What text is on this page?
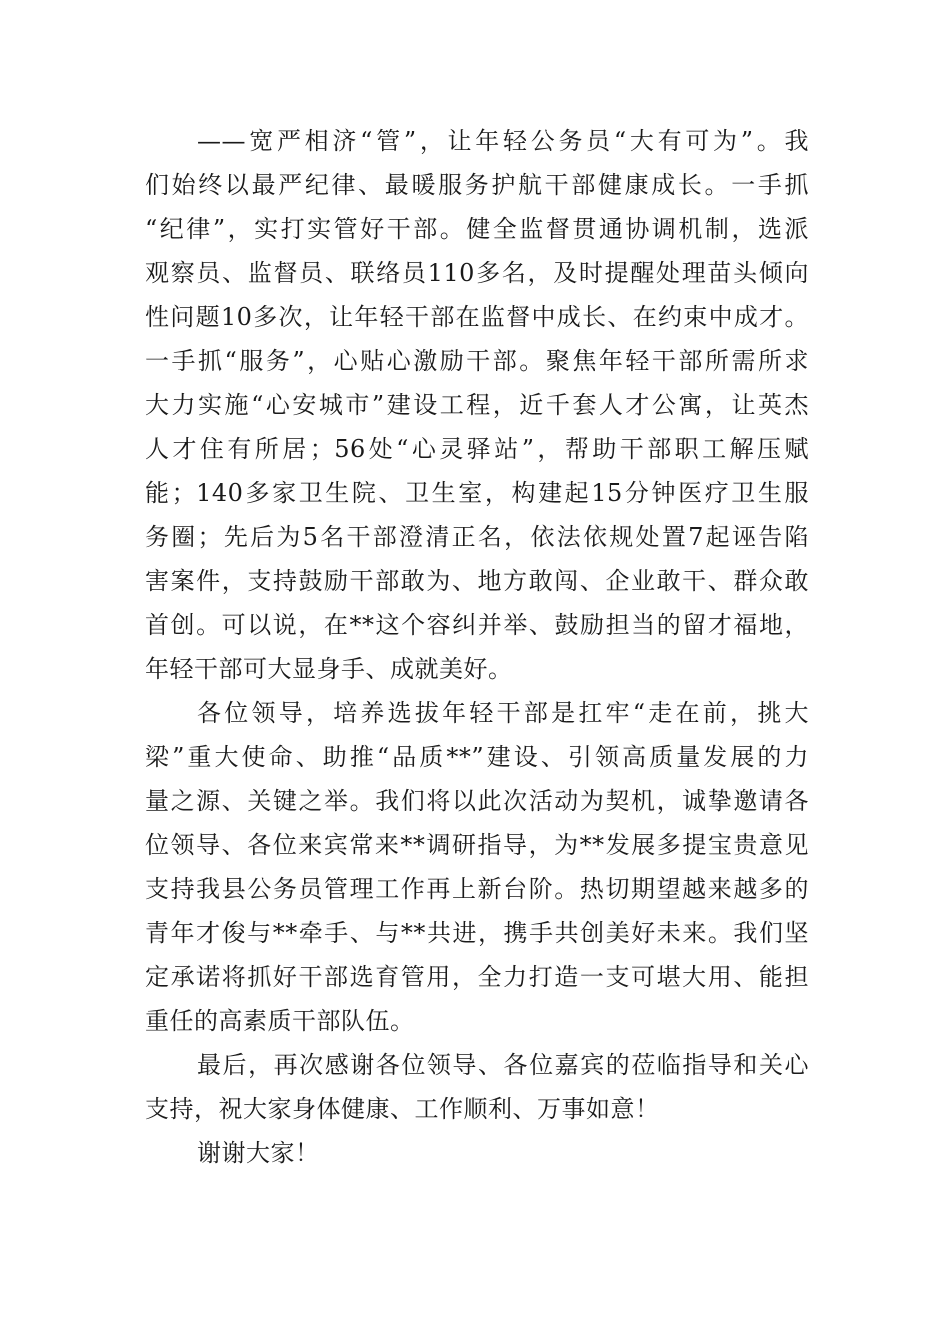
——宽严相济“管”，让年轻公务员“大有可为”。我
们始终以最严纪律、最暖服务护航干部健康成长。一手抓
“纪律”，实打实管好干部。健全监督贯通协调机制，选派
观察员、监督员、联络员110多名，及时提醒处理苗头倾向
性问题10多次，让年轻干部在监督中成长、在约束中成才。
一手抓“服务”，心贴心激励干部。聚焦年轻干部所需所求
大力实施“心安城市”建设工程，近千套人才公寓，让英杰
人才住有所居；56处“心灵驿站”，帮助干部职工解压赋
能；140多家卫生院、卫生室，构建起15分钟医疗卫生服
务圈；先后为5名干部澄清正名，依法依规处置7起诬告陷
害案件，支持鼓励干部敢为、地方敢闯、企业敢干、群众敢
首创。可以说，在**这个容纠并举、鼓励担当的留才福地，
年轻干部可大显身手、成就美好。
各位领导，培养选拔年轻干部是扛牢“走在前，挑大
梁”重大使命、助推“品质**”建设、引领高质量发展的力
量之源、关键之举。我们将以此次活动为契机，诚挚邀请各
位领导、各位来宾常来**调研指导，为**发展多提宝贵意见
支持我县公务员管理工作再上新台阶。热切期望越来越多的
青年才俊与**牵手、与**共进，携手共创美好未来。我们坚
定承诺将抓好干部选育管用，全力打造一支可堪大用、能担
重任的高素质干部队伍。
最后，再次感谢各位领导、各位嘉宾的莅临指导和关心
支持，祝大家身体健康、工作顺利、万事如意！
谢谢大家！
